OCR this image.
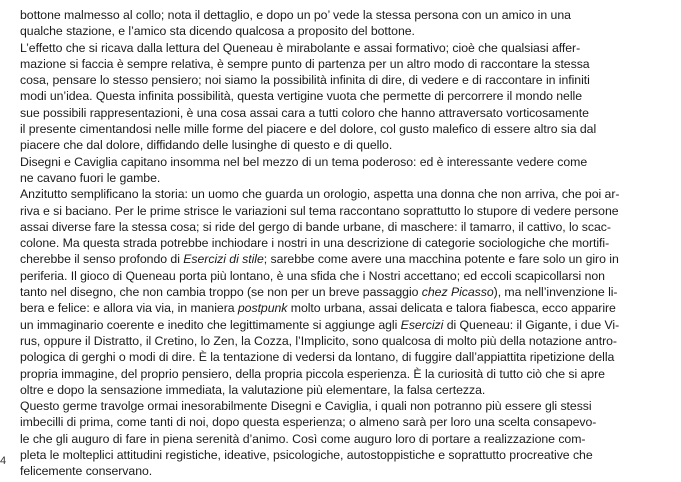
bottone malmesso al collo; nota il dettaglio, e dopo un po’ vede la stessa persona con un amico in una
qualche stazione, e l’amico sta dicendo qualcosa a proposito del bottone.
L’effetto che si ricava dalla lettura del Queneau è mirabolante e assai formativo; cioè che qualsiasi affer-
mazione si faccia è sempre relativa, è sempre punto di partenza per un altro modo di raccontare la stessa
cosa, pensare lo stesso pensiero; noi siamo la possibilità infinita di dire, di vedere e di raccontare in infiniti
modi un’idea. Questa infinita possibilità, questa vertigine vuota che permette di percorrere il mondo nelle
sue possibili rappresentazioni, è una cosa assai cara a tutti coloro che hanno attraversato vorticosamente
il presente cimentandosi nelle mille forme del piacere e del dolore, col gusto malefico di essere altro sia dal
piacere che dal dolore, diffidando delle lusinghe di questo e di quello.
Disegni e Caviglia capitano insomma nel bel mezzo di un tema poderoso: ed è interessante vedere come
ne cavano fuori le gambe.
Anzitutto semplificano la storia: un uomo che guarda un orologio, aspetta una donna che non arriva, che poi ar-
riva e si baciano. Per le prime strisce le variazioni sul tema raccontano soprattutto lo stupore di vedere persone
assai diverse fare la stessa cosa; si ride del gergo di bande urbane, di maschere: il tamarro, il cattivo, lo scac-
colone. Ma questa strada potrebbe inchiodare i nostri in una descrizione di categorie sociologiche che mortifi-
cherebbe il senso profondo di Esercizi di stile; sarebbe come avere una macchina potente e fare solo un giro in
periferia. Il gioco di Queneau porta più lontano, è una sfida che i Nostri accettano; ed eccoli scapicollarsi non
tanto nel disegno, che non cambia troppo (se non per un breve passaggio chez Picasso), ma nell’invenzione li-
bera e felice: e allora via via, in maniera postpunk molto urbana, assai delicata e talora fiabesca, ecco apparire
un immaginario coerente e inedito che legittimamente si aggiunge agli Esercizi di Queneau: il Gigante, i due Vi-
rus, oppure il Distratto, il Cretino, lo Zen, la Cozza, l’Implicito, sono qualcosa di molto più della notazione antro-
pologica di gerghi o modi di dire. È la tentazione di vedersi da lontano, di fuggire dall’appiattita ripetizione della
propria immagine, del proprio pensiero, della propria piccola esperienza. È la curiosità di tutto ciò che si apre
oltre e dopo la sensazione immediata, la valutazione più elementare, la falsa certezza.
Questo germe travolge ormai inesorabilmente Disegni e Caviglia, i quali non potranno più essere gli stessi
imbecilli di prima, come tanti di noi, dopo questa esperienza; o almeno sarà per loro una scelta consapevo-
le che gli auguro di fare in piena serenità d’animo. Così come auguro loro di portare a realizzazione com-
pleta le molteplici attitudini registiche, ideative, psicologiche, autostoppistiche e soprattutto procreative che
felicemente conservano.
4
